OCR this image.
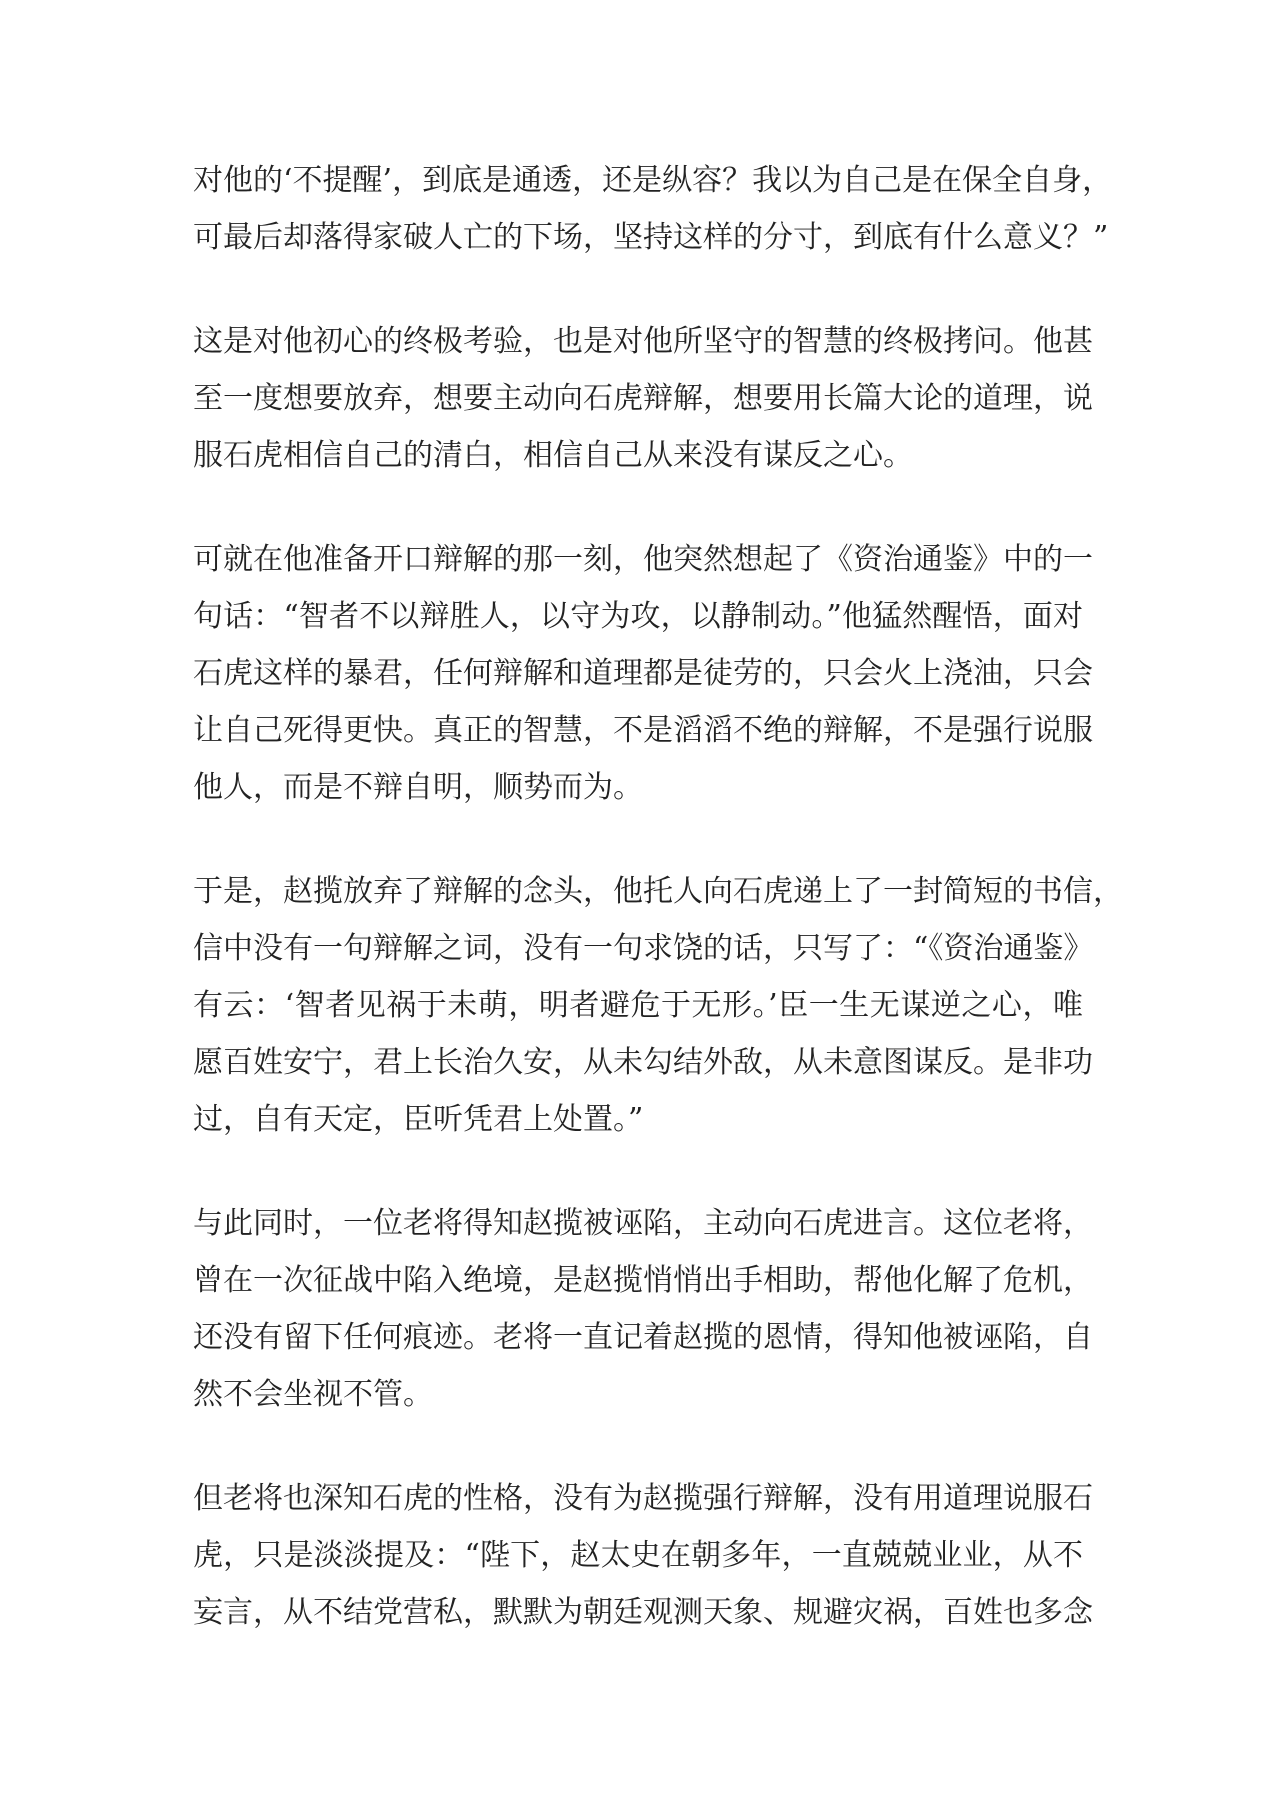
对他的‘不提醒’，到底是通透，还是纵容？我以为自己是在保全自身，
可最后却落得家破人亡的下场，坚持这样的分寸，到底有什么意义？”

这是对他初心的终极考验，也是对他所坚守的智慧的终极拷问。他甚
至一度想要放弃，想要主动向石虎辩解，想要用长篇大论的道理，说
服石虎相信自己的清白，相信自己从来没有谋反之心。

可就在他准备开口辩解的那一刻，他突然想起了《资治通鉴》中的一
句话：“智者不以辩胜人，以守为攻，以静制动。”他猛然醒悟，面对
石虎这样的暴君，任何辩解和道理都是徒劳的，只会火上浇油，只会
让自己死得更快。真正的智慧，不是滔滔不绝的辩解，不是强行说服
他人，而是不辩自明，顺势而为。

于是，赵揽放弃了辩解的念头，他托人向石虎递上了一封简短的书信，
信中没有一句辩解之词，没有一句求饶的话，只写了：“《资治通鉴》
有云：‘智者见祸于未萌，明者避危于无形。’臣一生无谋逆之心，唯
愿百姓安宁，君上长治久安，从未勾结外敌，从未意图谋反。是非功
过，自有天定，臣听凭君上处置。”

与此同时，一位老将得知赵揽被诬陷，主动向石虎进言。这位老将，
曾在一次征战中陷入绝境，是赵揽悄悄出手相助，帮他化解了危机，
还没有留下任何痕迹。老将一直记着赵揽的恩情，得知他被诬陷，自
然不会坐视不管。

但老将也深知石虎的性格，没有为赵揽强行辩解，没有用道理说服石
虎，只是淡淡提及：“陛下，赵太史在朝多年，一直兢兢业业，从不
妄言，从不结党营私，默默为朝廷观测天象、规避灾祸，百姓也多念
